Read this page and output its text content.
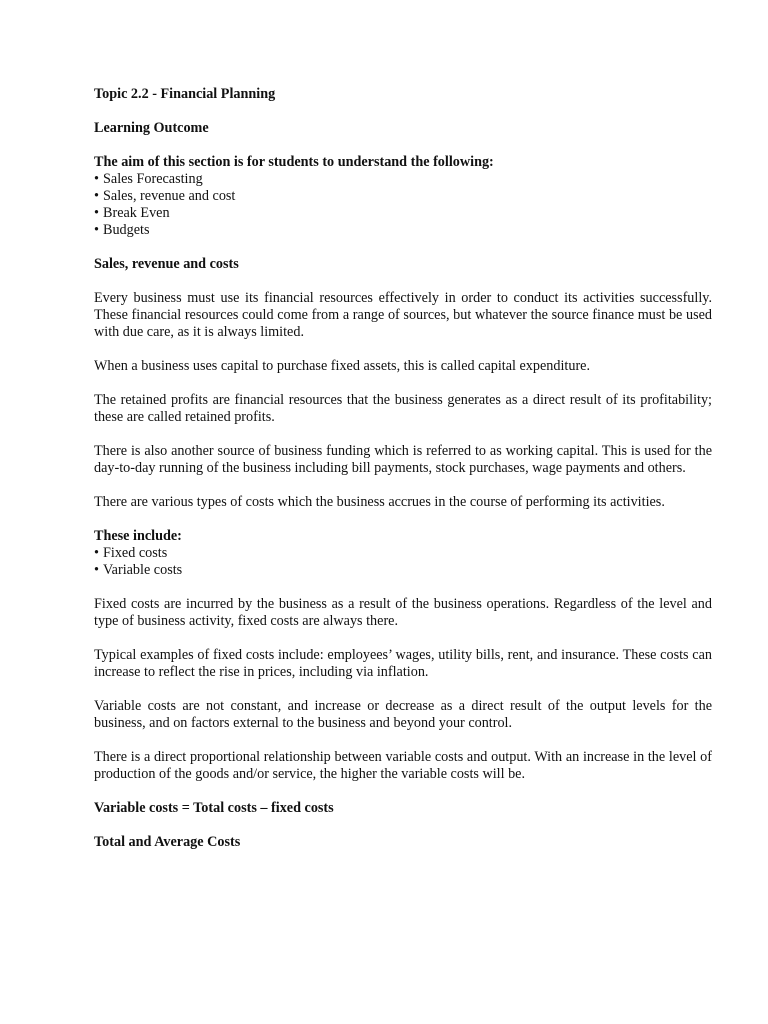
Topic 2.2 - Financial Planning
Learning Outcome
The aim of this section is for students to understand the following:
• Sales Forecasting
• Sales, revenue and cost
• Break Even
• Budgets
Sales, revenue and costs
Every business must use its financial resources effectively in order to conduct its activities successfully. These financial resources could come from a range of sources, but whatever the source finance must be used with due care, as it is always limited.
When a business uses capital to purchase fixed assets, this is called capital expenditure.
The retained profits are financial resources that the business generates as a direct result of its profitability; these are called retained profits.
There is also another source of business funding which is referred to as working capital. This is used for the day-to-day running of the business including bill payments, stock purchases, wage payments and others.
There are various types of costs which the business accrues in the course of performing its activities.
These include:
• Fixed costs
• Variable costs
Fixed costs are incurred by the business as a result of the business operations. Regardless of the level and type of business activity, fixed costs are always there.
Typical examples of fixed costs include: employees’ wages, utility bills, rent, and insurance. These costs can increase to reflect the rise in prices, including via inflation.
Variable costs are not constant, and increase or decrease as a direct result of the output levels for the business, and on factors external to the business and beyond your control.
There is a direct proportional relationship between variable costs and output. With an increase in the level of production of the goods and/or service, the higher the variable costs will be.
Variable costs = Total costs – fixed costs
Total and Average Costs
